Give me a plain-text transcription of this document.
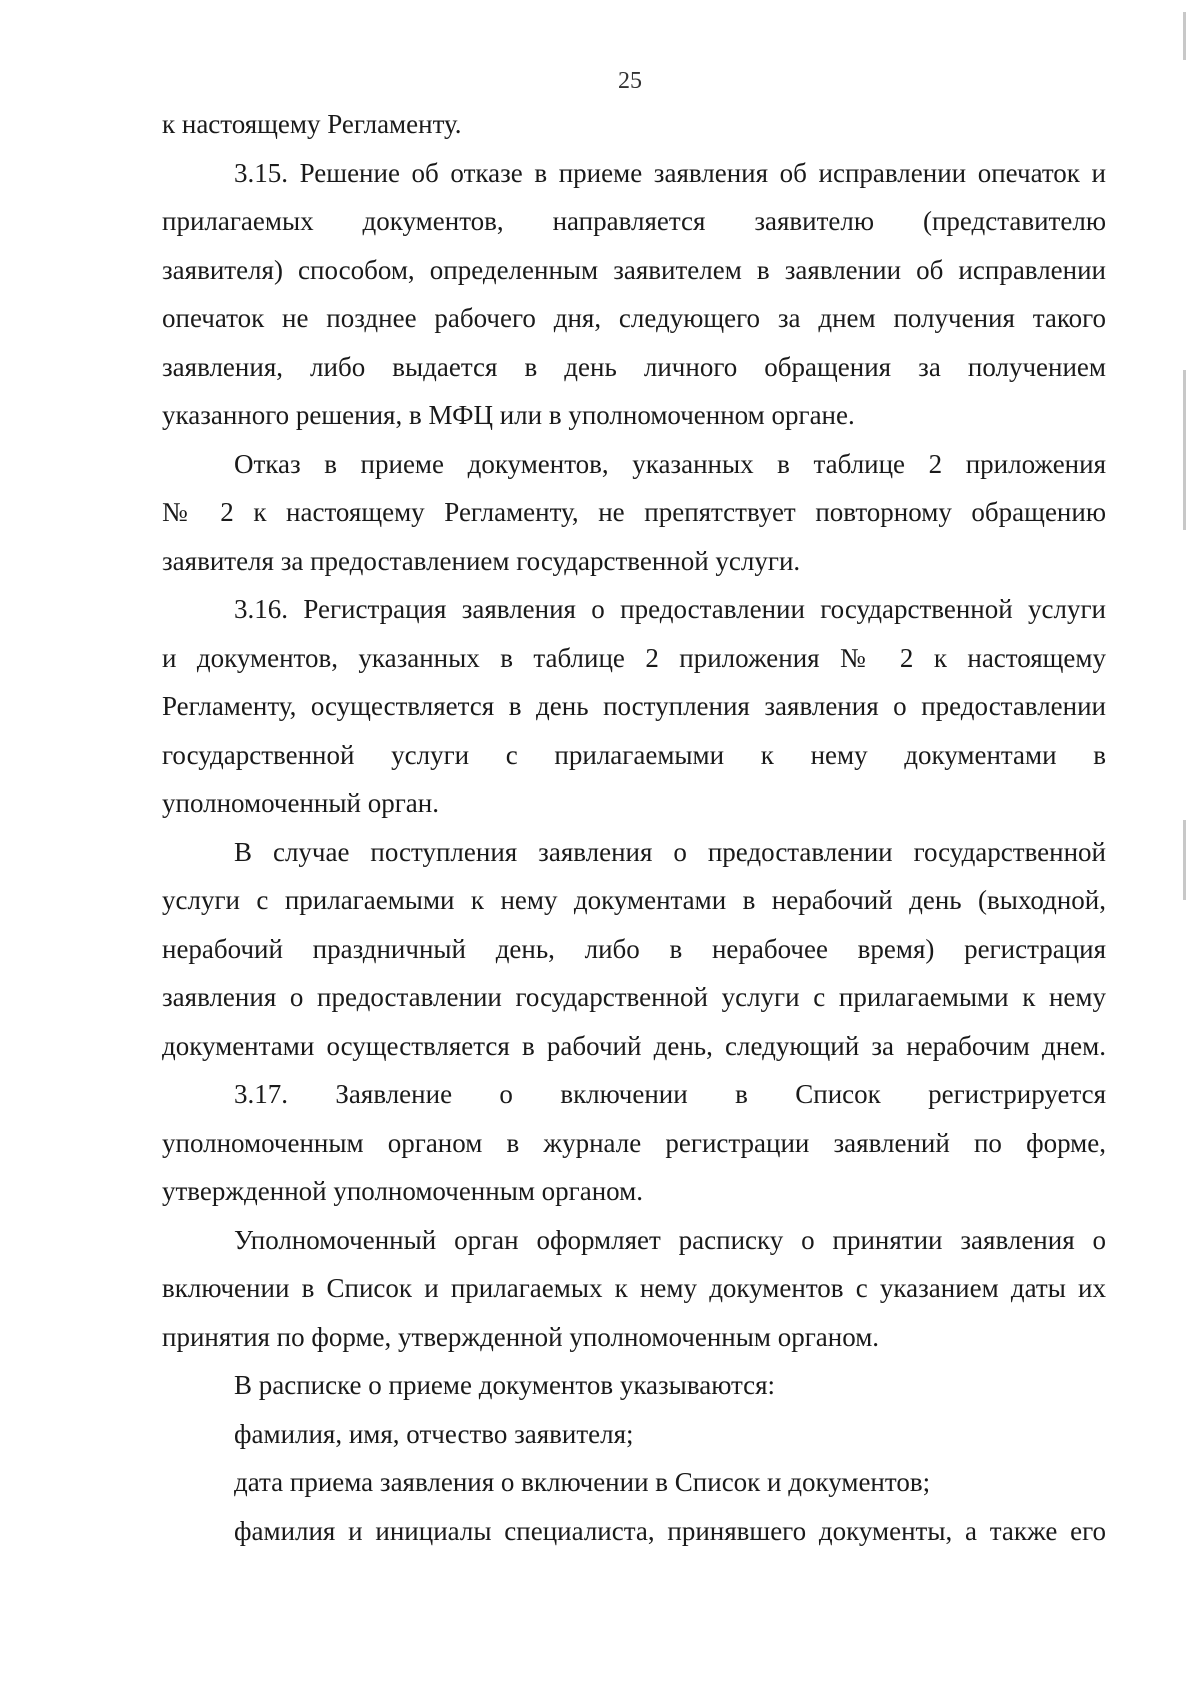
25
к настоящему Регламенту.
3.15. Решение об отказе в приеме заявления об исправлении опечаток и
прилагаемых документов, направляется заявителю (представителю
заявителя) способом, определенным заявителем в заявлении об исправлении
опечаток не позднее рабочего дня, следующего за днем получения такого
заявления, либо выдается в день личного обращения за получением
указанного решения, в МФЦ или в уполномоченном органе.
Отказ в приеме документов, указанных в таблице 2 приложения
№ 2 к настоящему Регламенту, не препятствует повторному обращению
заявителя за предоставлением государственной услуги.
3.16. Регистрация заявления о предоставлении государственной услуги
и документов, указанных в таблице 2 приложения № 2 к настоящему
Регламенту, осуществляется в день поступления заявления о предоставлении
государственной услуги с прилагаемыми к нему документами в
уполномоченный орган.
В случае поступления заявления о предоставлении государственной
услуги с прилагаемыми к нему документами в нерабочий день (выходной,
нерабочий праздничный день, либо в нерабочее время) регистрация
заявления о предоставлении государственной услуги с прилагаемыми к нему
документами осуществляется в рабочий день, следующий за нерабочим днем.
3.17. Заявление о включении в Список регистрируется
уполномоченным органом в журнале регистрации заявлений по форме,
утвержденной уполномоченным органом.
Уполномоченный орган оформляет расписку о принятии заявления о
включении в Список и прилагаемых к нему документов с указанием даты их
принятия по форме, утвержденной уполномоченным органом.
В расписке о приеме документов указываются:
фамилия, имя, отчество заявителя;
дата приема заявления о включении в Список и документов;
фамилия и инициалы специалиста, принявшего документы, а также его
